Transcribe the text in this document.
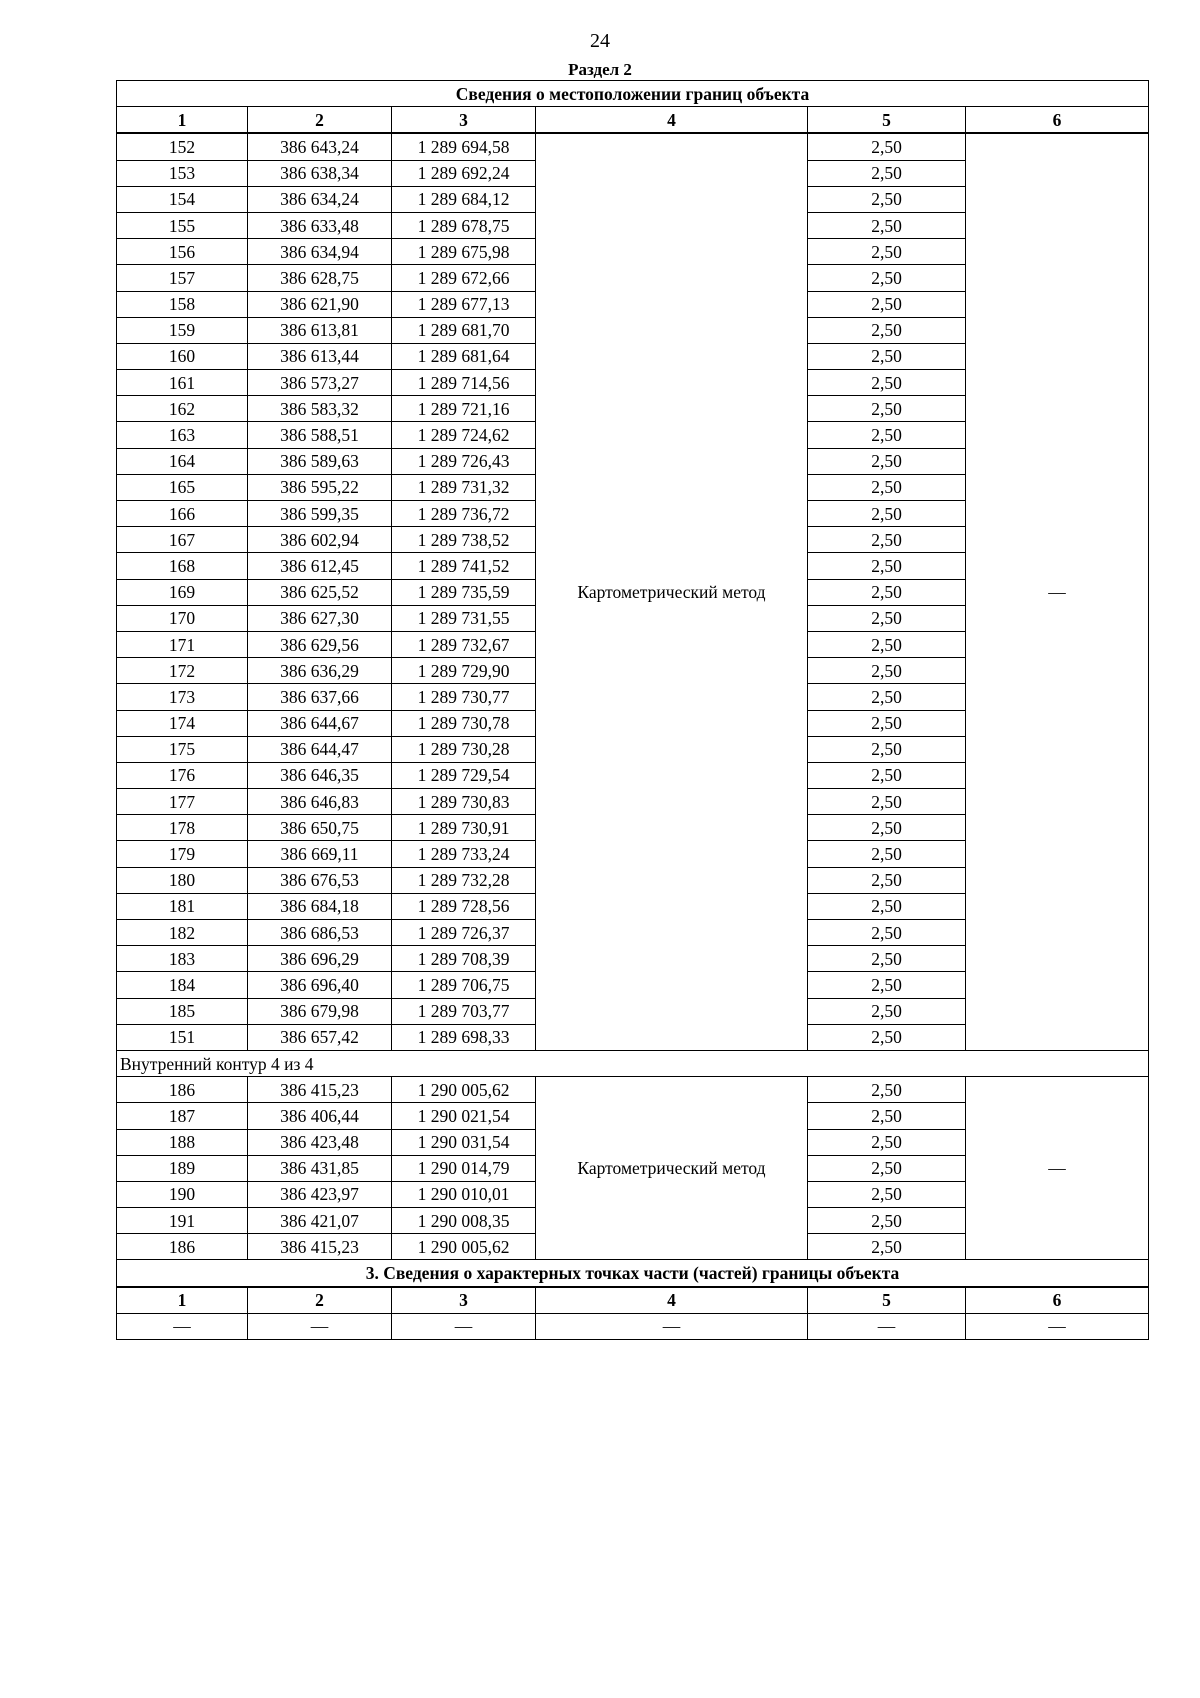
24
Раздел 2
Сведения о местоположении границ объекта					
1	2	3	4	5	6
152	386 643,24	1 289 694,58	Картометрический метод	2,50	—
153	386 638,34	1 289 692,24		2,50	
154	386 634,24	1 289 684,12		2,50	
155	386 633,48	1 289 678,75		2,50	
156	386 634,94	1 289 675,98		2,50	
157	386 628,75	1 289 672,66		2,50	
158	386 621,90	1 289 677,13		2,50	
159	386 613,81	1 289 681,70		2,50	
160	386 613,44	1 289 681,64		2,50	
161	386 573,27	1 289 714,56		2,50	
162	386 583,32	1 289 721,16		2,50	
163	386 588,51	1 289 724,62		2,50	
164	386 589,63	1 289 726,43		2,50	
165	386 595,22	1 289 731,32		2,50	
166	386 599,35	1 289 736,72		2,50	
167	386 602,94	1 289 738,52		2,50	
168	386 612,45	1 289 741,52		2,50	
169	386 625,52	1 289 735,59		2,50	
170	386 627,30	1 289 731,55		2,50	
171	386 629,56	1 289 732,67		2,50	
172	386 636,29	1 289 729,90		2,50	
173	386 637,66	1 289 730,77		2,50	
174	386 644,67	1 289 730,78		2,50	
175	386 644,47	1 289 730,28		2,50	
176	386 646,35	1 289 729,54		2,50	
177	386 646,83	1 289 730,83		2,50	
178	386 650,75	1 289 730,91		2,50	
179	386 669,11	1 289 733,24		2,50	
180	386 676,53	1 289 732,28		2,50	
181	386 684,18	1 289 728,56		2,50	
182	386 686,53	1 289 726,37		2,50	
183	386 696,29	1 289 708,39		2,50	
184	386 696,40	1 289 706,75		2,50	
185	386 679,98	1 289 703,77		2,50	
151	386 657,42	1 289 698,33		2,50	
Внутренний контур 4 из 4					
186	386 415,23	1 290 005,62	Картометрический метод	2,50	—
187	386 406,44	1 290 021,54		2,50	
188	386 423,48	1 290 031,54		2,50	
189	386 431,85	1 290 014,79		2,50	
190	386 423,97	1 290 010,01		2,50	
191	386 421,07	1 290 008,35		2,50	
186	386 415,23	1 290 005,62		2,50	
3. Сведения о характерных точках части (частей) границы объекта					
1	2	3	4	5	6
—	—	—	—	—	—
